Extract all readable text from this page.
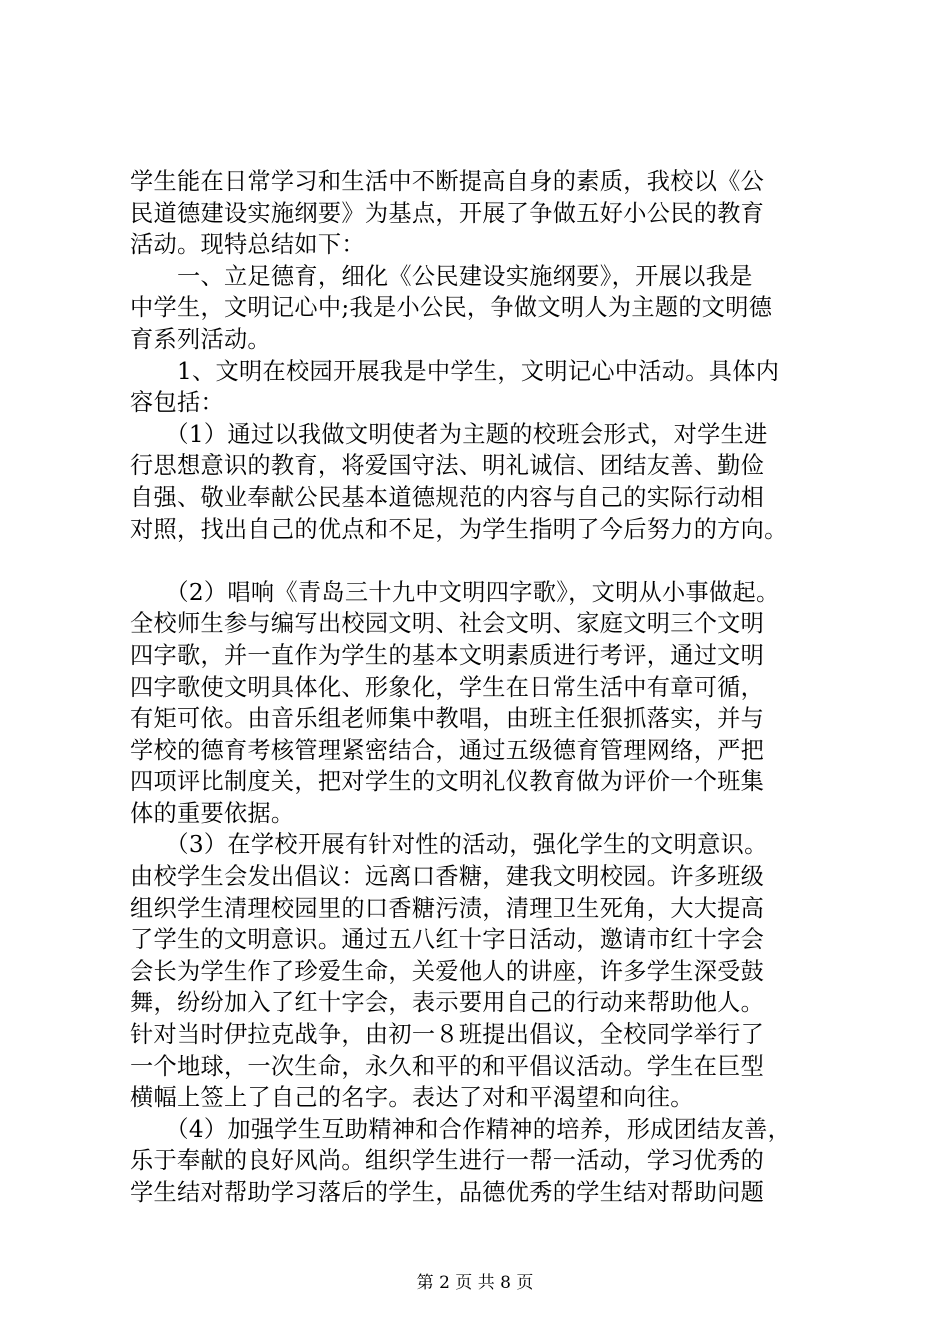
学生能在日常学习和生活中不断提高自身的素质，我校以《公
民道德建设实施纲要》为基点，开展了争做五好小公民的教育
活动。现特总结如下：
　　一、立足德育，细化《公民建设实施纲要》，开展以我是
中学生，文明记心中;我是小公民，争做文明人为主题的文明德
育系列活动。
　　1、文明在校园开展我是中学生，文明记心中活动。具体内
容包括：
　　（1）通过以我做文明使者为主题的校班会形式，对学生进
行思想意识的教育，将爱国守法、明礼诚信、团结友善、勤俭
自强、敬业奉献公民基本道德规范的内容与自己的实际行动相
对照，找出自己的优点和不足，为学生指明了今后努力的方向。
　　（2）唱响《青岛三十九中文明四字歌》，文明从小事做起。
全校师生参与编写出校园文明、社会文明、家庭文明三个文明
四字歌，并一直作为学生的基本文明素质进行考评，通过文明
四字歌使文明具体化、形象化，学生在日常生活中有章可循，
有矩可依。由音乐组老师集中教唱，由班主任狠抓落实，并与
学校的德育考核管理紧密结合，通过五级德育管理网络，严把
四项评比制度关，把对学生的文明礼仪教育做为评价一个班集
体的重要依据。
　　（3）在学校开展有针对性的活动，强化学生的文明意识。
由校学生会发出倡议：远离口香糖，建我文明校园。许多班级
组织学生清理校园里的口香糖污渍，清理卫生死角，大大提高
了学生的文明意识。通过五八红十字日活动，邀请市红十字会
会长为学生作了珍爱生命，关爱他人的讲座，许多学生深受鼓
舞，纷纷加入了红十字会，表示要用自己的行动来帮助他人。
针对当时伊拉克战争，由初一８班提出倡议，全校同学举行了
一个地球，一次生命，永久和平的和平倡议活动。学生在巨型
横幅上签上了自己的名字。表达了对和平渴望和向往。
　　（4）加强学生互助精神和合作精神的培养，形成团结友善，
乐于奉献的良好风尚。组织学生进行一帮一活动，学习优秀的
学生结对帮助学习落后的学生，品德优秀的学生结对帮助问题
第 2 页 共 8 页
